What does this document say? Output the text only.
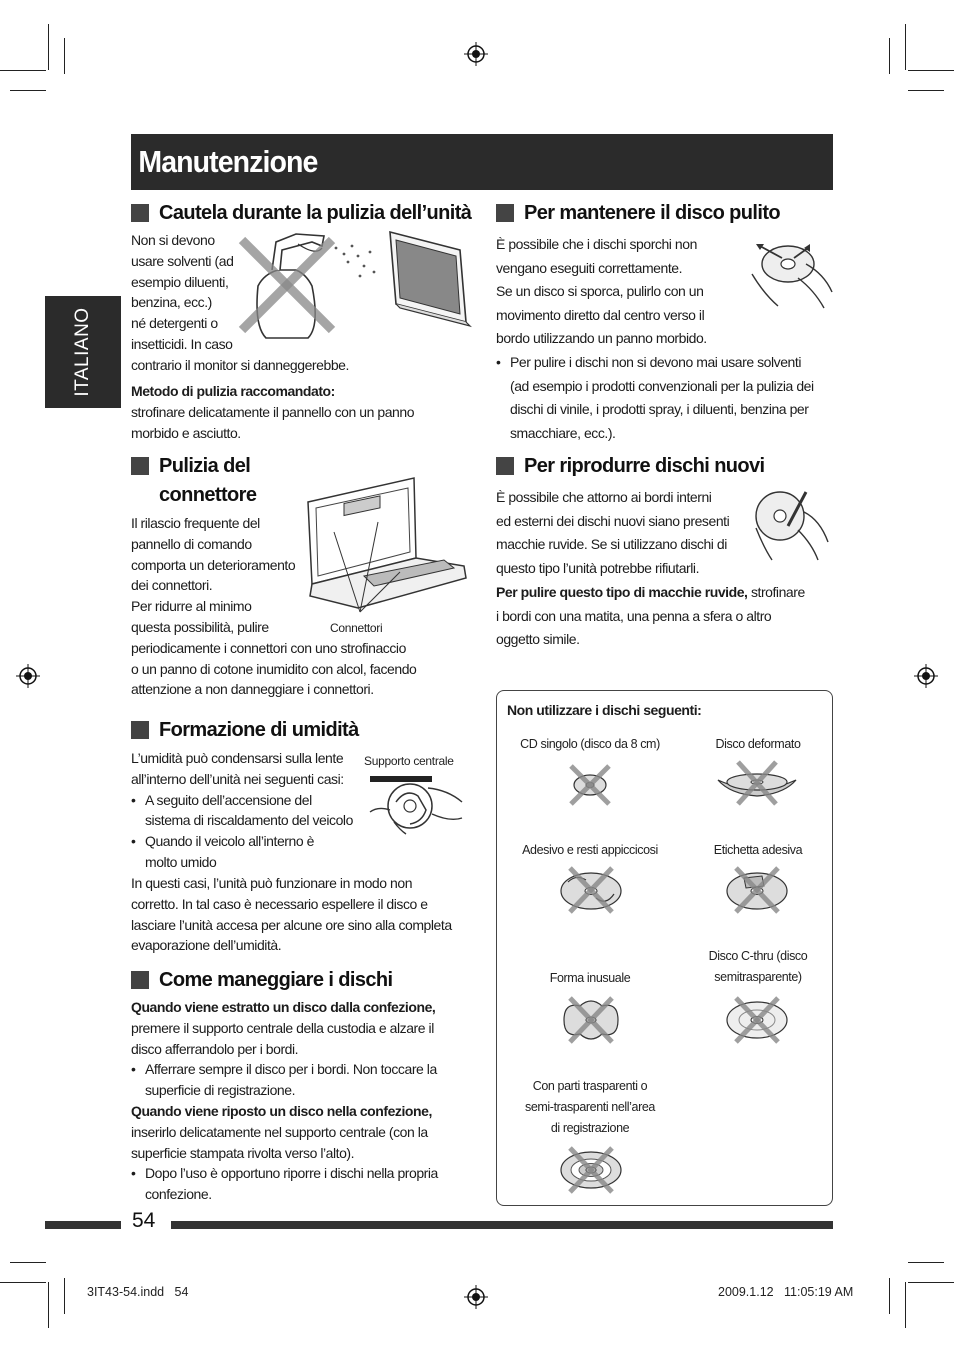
Manutenzione
ITALIANO
Cautela durante la pulizia dell’unità

Non si devono

usare solventi (ad

esempio diluenti,

benzina, ecc.)

né detergenti o

insetticidi. In caso

contrario il monitor si danneggerebbe.

Metodo di pulizia raccomandato:

strofinare delicatamente il pannello con un panno

morbido e asciutto.

Pulizia del
connettore

Il rilascio frequente del

pannello di comando

comporta un deterioramento

dei connettori.

Per ridurre al minimo

questa possibilità, pulire

periodicamente i connettori con uno strofinaccio

o un panno di cotone inumidito con alcol, facendo

attenzione a non danneggiare i connettori.

Connettori
Formazione di umidità

L’umidità può condensarsi sulla lente

all’interno dell’unità nei seguenti casi:

• A seguito dell’accensione del

sistema di riscaldamento del veicolo

• Quando il veicolo all’interno è

molto umido

In questi casi, l’unità può funzionare in modo non

corretto. In tal caso è necessario espellere il disco e

lasciare l’unità accesa per alcune ore sino alla completa

evaporazione dell’umidità.

Supporto centrale
Come maneggiare i dischi

Quando viene estratto un disco dalla confezione,

premere il supporto centrale della custodia e alzare il

disco afferrandolo per i bordi.

• Afferrare sempre il disco per i bordi. Non toccare la

superficie di registrazione.

Quando viene riposto un disco nella confezione,

inserirlo delicatamente nel supporto centrale (con la

superficie stampata rivolta verso l’alto).

• Dopo l’uso è opportuno riporre i dischi nella propria

confezione.

Per mantenere il disco pulito

È possibile che i dischi sporchi non

vengano eseguiti correttamente.

Se un disco si sporca, pulirlo con un

movimento diretto dal centro verso il

bordo utilizzando un panno morbido.

• Per pulire i dischi non si devono mai usare solventi

(ad esempio i prodotti convenzionali per la pulizia dei

dischi di vinile, i prodotti spray, i diluenti, benzina per

smacchiare, ecc.).

Per riprodurre dischi nuovi

È possibile che attorno ai bordi interni

ed esterni dei dischi nuovi siano presenti

macchie ruvide. Se si utilizzano dischi di

questo tipo l’unità potrebbe rifiutarli.

Per pulire questo tipo di macchie ruvide, strofinare

i bordi con una matita, una penna a sfera o altro

oggetto simile.

Non utilizzare i dischi seguenti:
CD singolo (disco da 8 cm)	Disco deformato
Adesivo e resti appiccicosi	Etichetta adesiva
Forma inusuale
Disco C-thru (disco
semitrasparente)
Con parti trasparenti o
semi-trasparenti nell’area
di registrazione
54
3IT43-54.indd   54	2009.1.12   11:05:19 AM
